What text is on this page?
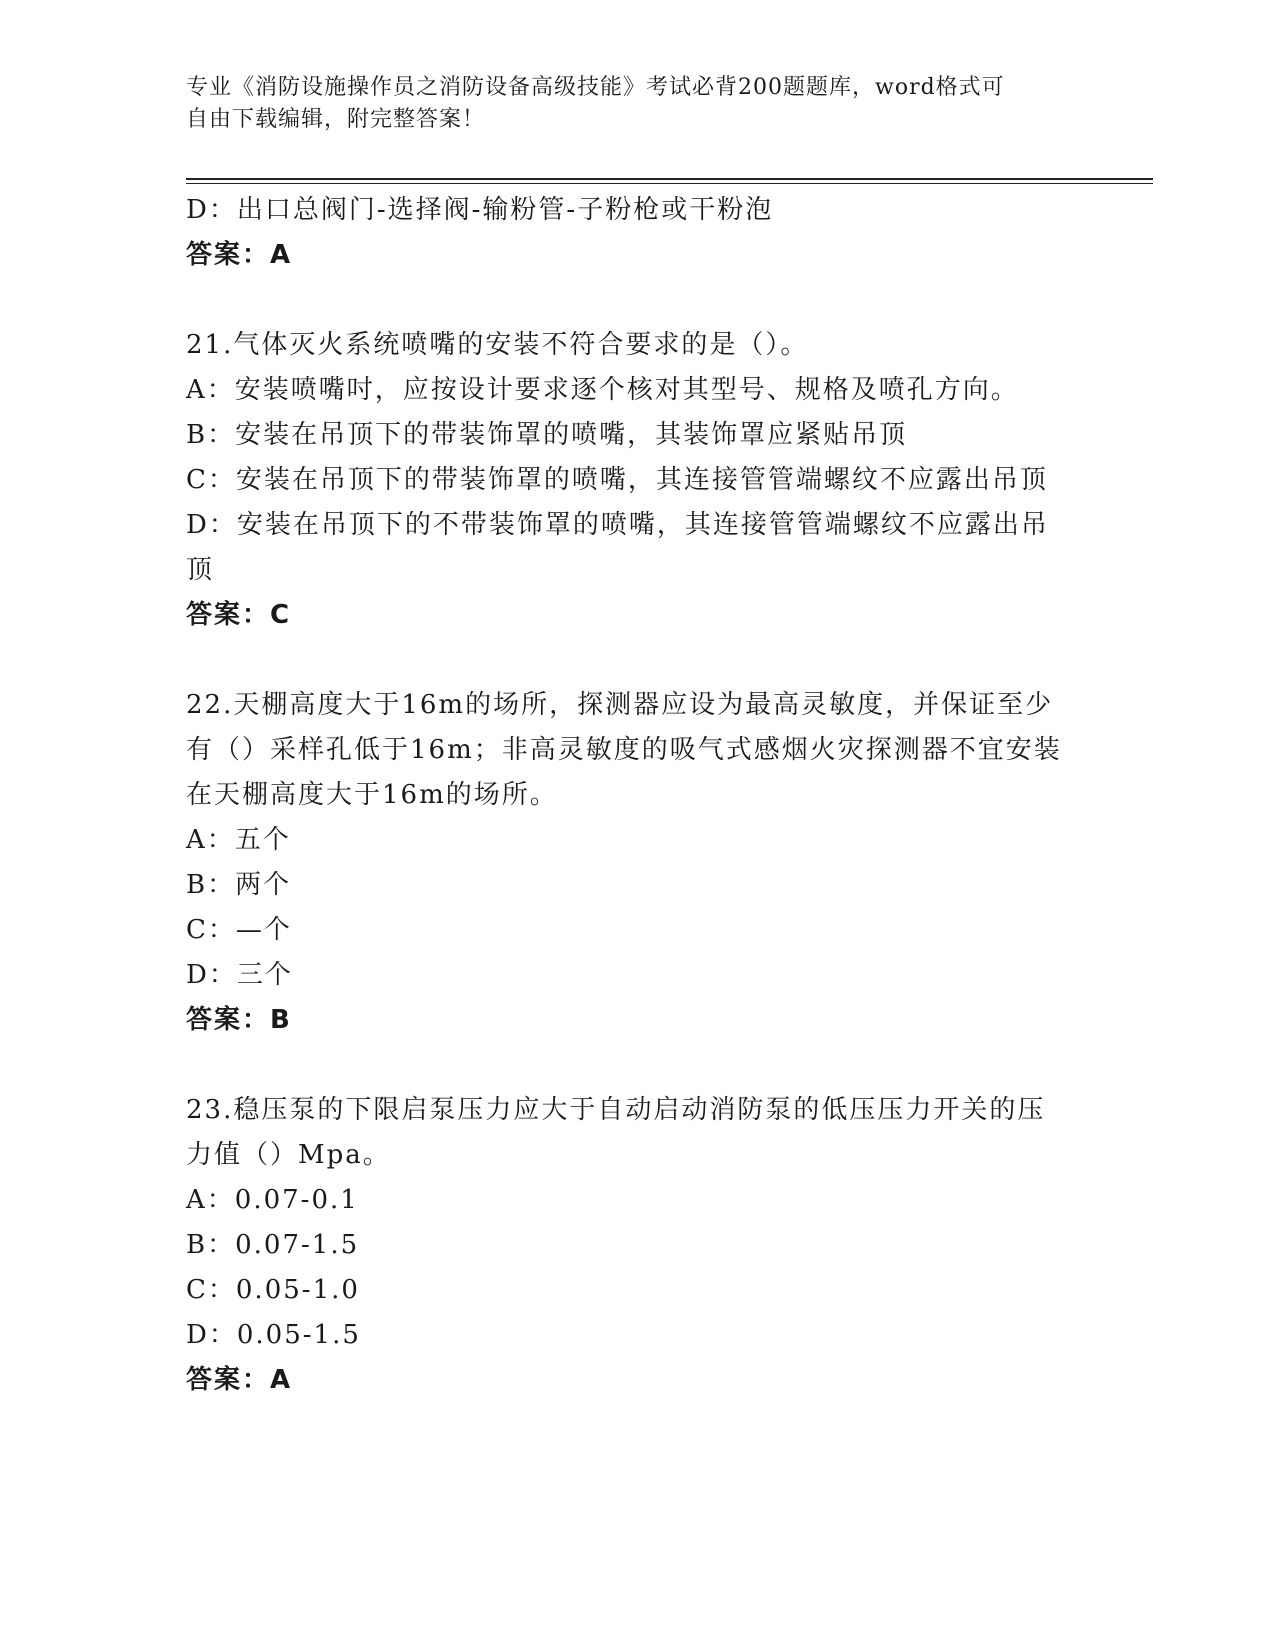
专业《消防设施操作员之消防设备高级技能》考试必背200题题库，word格式可
自由下载编辑，附完整答案！
D：出口总阀门-选择阀-输粉管-子粉枪或干粉泡
答案：A
21.气体灭火系统喷嘴的安装不符合要求的是（）。
A：安装喷嘴吋，应按设计要求逐个核对其型号、规格及喷孔方向。
B：安装在吊顶下的带装饰罩的喷嘴，其装饰罩应紧贴吊顶
C：安装在吊顶下的带装饰罩的喷嘴，其连接管管端螺纹不应露出吊顶
D：安装在吊顶下的不带装饰罩的喷嘴，其连接管管端螺纹不应露出吊
顶
答案：C
22.天棚高度大于16m的场所，探测器应设为最高灵敏度，并保证至少
有（）采样孔低于16m；非高灵敏度的吸气式感烟火灾探测器不宜安装
在天棚高度大于16m的场所。
A：五个
B：两个
C：—个
D：三个
答案：B
23.稳压泵的下限启泵压力应大于自动启动消防泵的低压压力开关的压
力值（）Mpa。
A：0.07-0.1
B：0.07-1.5
C：0.05-1.0
D：0.05-1.5
答案：A
